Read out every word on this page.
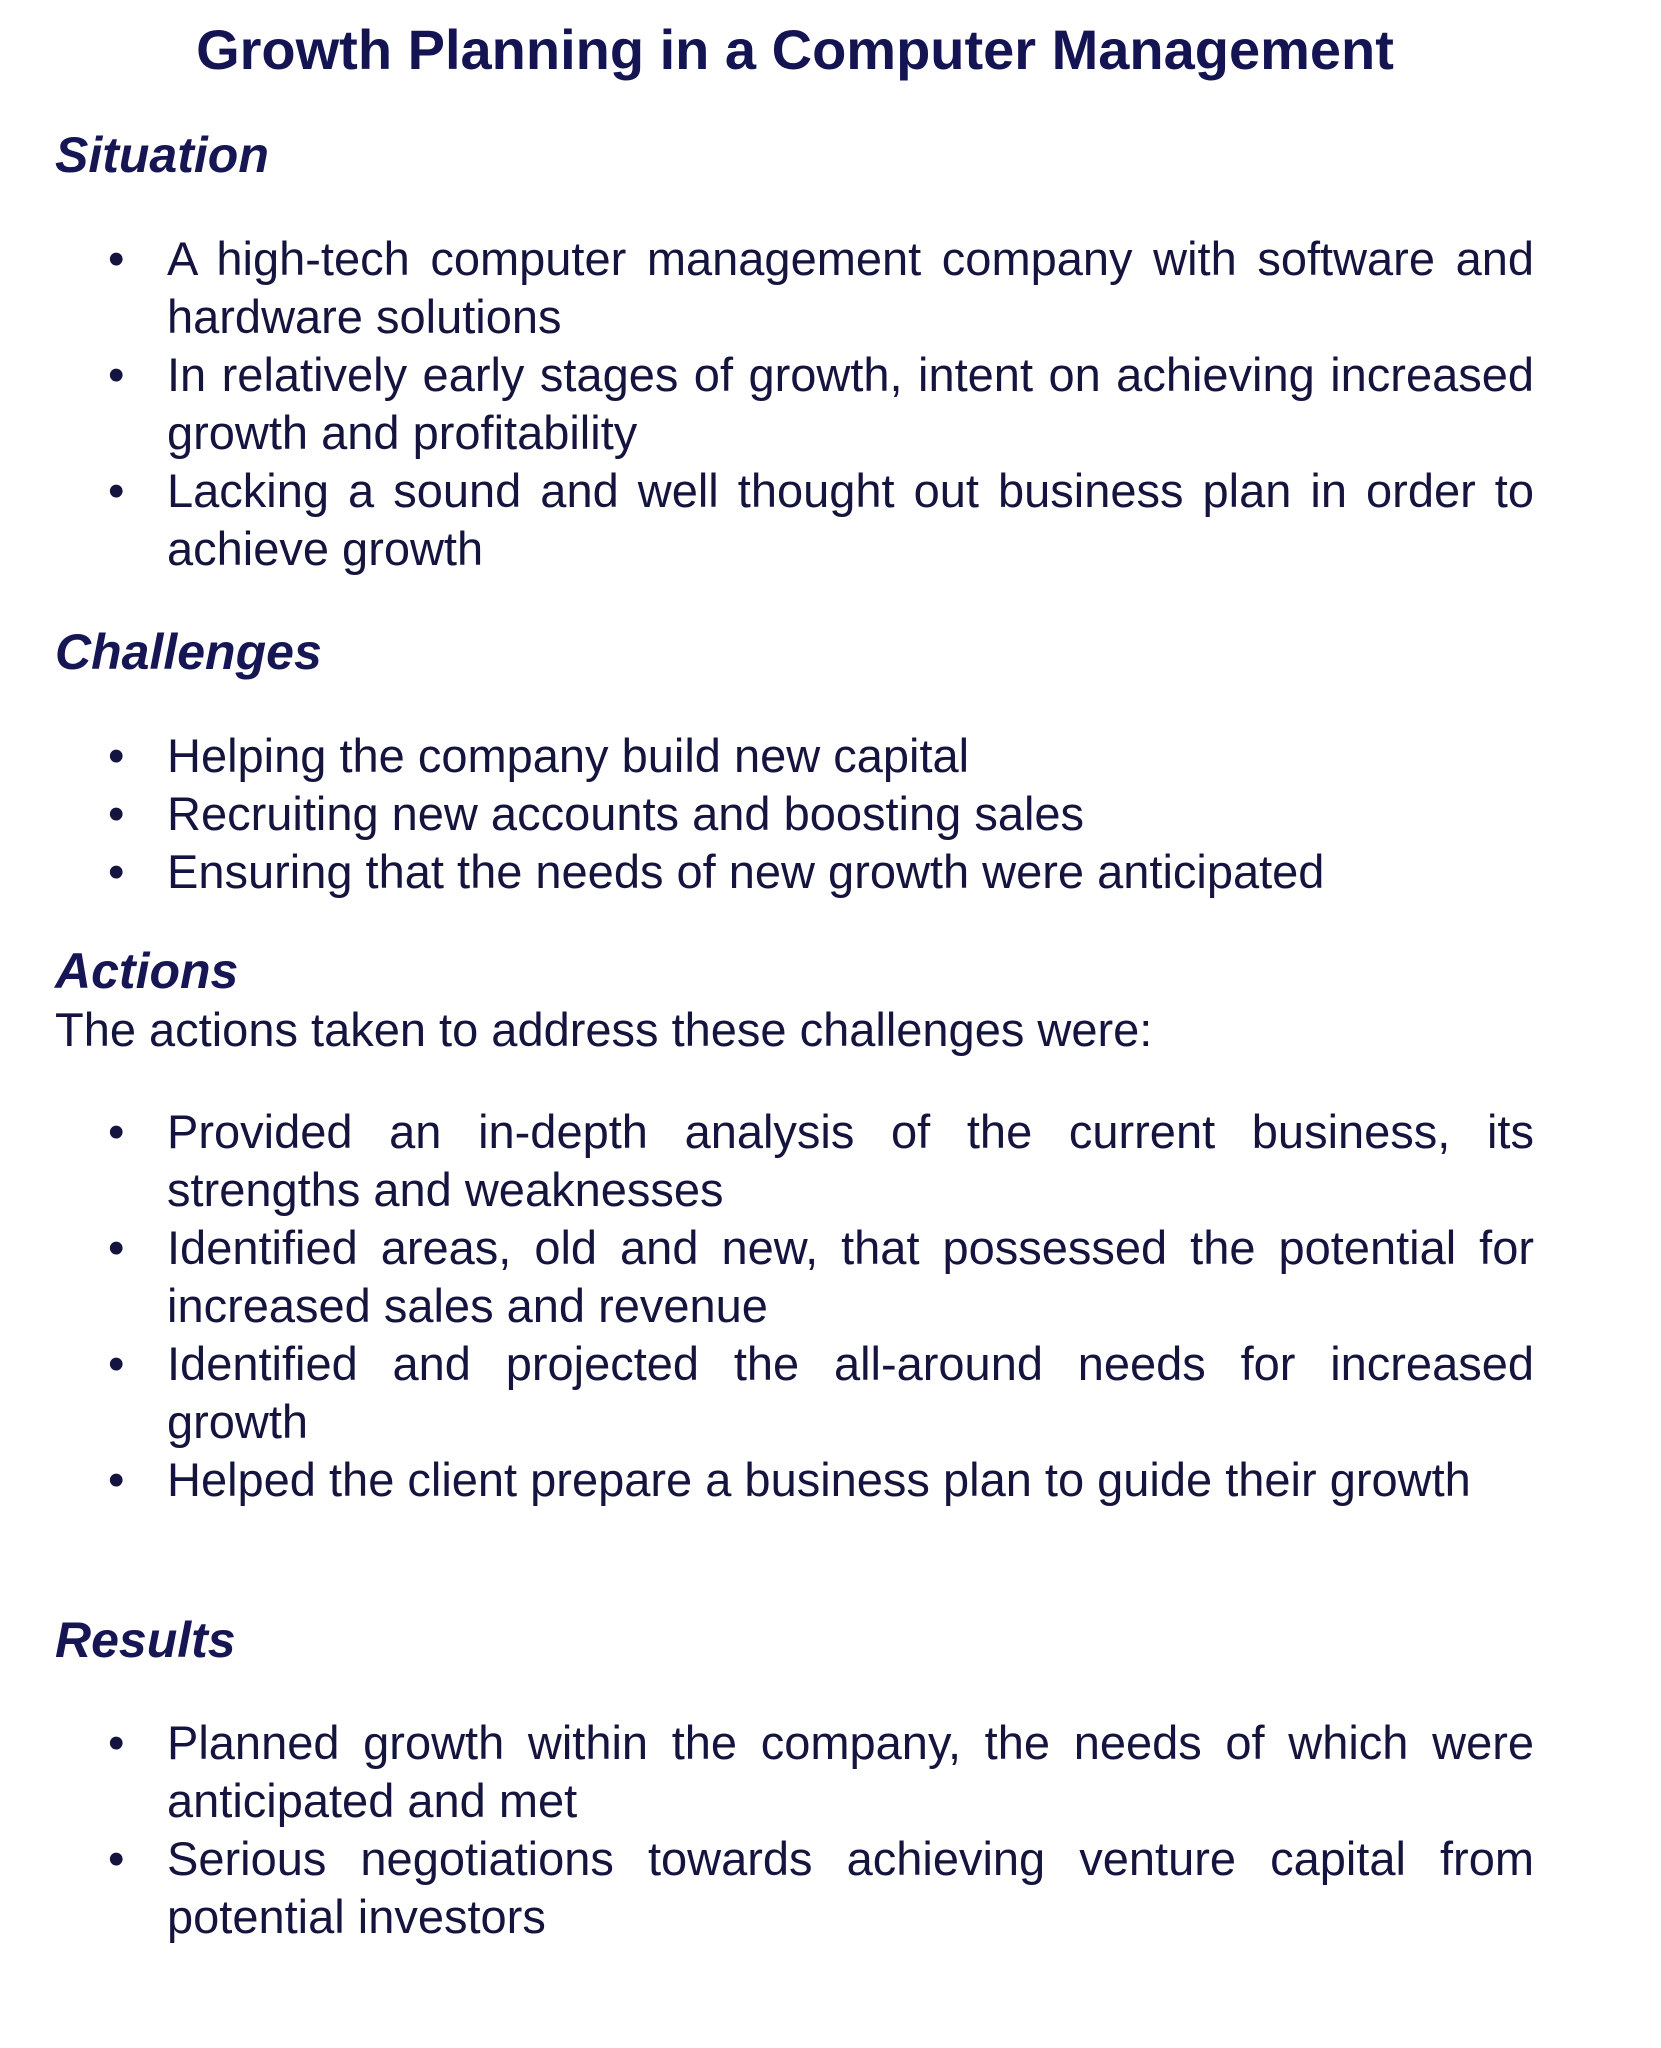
Growth Planning in a Computer Management
Situation
• A high-tech computer management company with software and hardware solutions
• In relatively early stages of growth, intent on achieving increased growth and profitability
• Lacking a sound and well thought out business plan in order to achieve growth
Challenges
• Helping the company build new capital
• Recruiting new accounts and boosting sales
• Ensuring that the needs of new growth were anticipated
Actions

The actions taken to address these challenges were:

• Provided an in-depth analysis of the current business, its strengths and weaknesses
• Identified areas, old and new, that possessed the potential for increased sales and revenue
• Identified and projected the all-around needs for increased growth
• Helped the client prepare a business plan to guide their growth
Results
• Planned growth within the company, the needs of which were anticipated and met
• Serious negotiations towards achieving venture capital from potential investors
